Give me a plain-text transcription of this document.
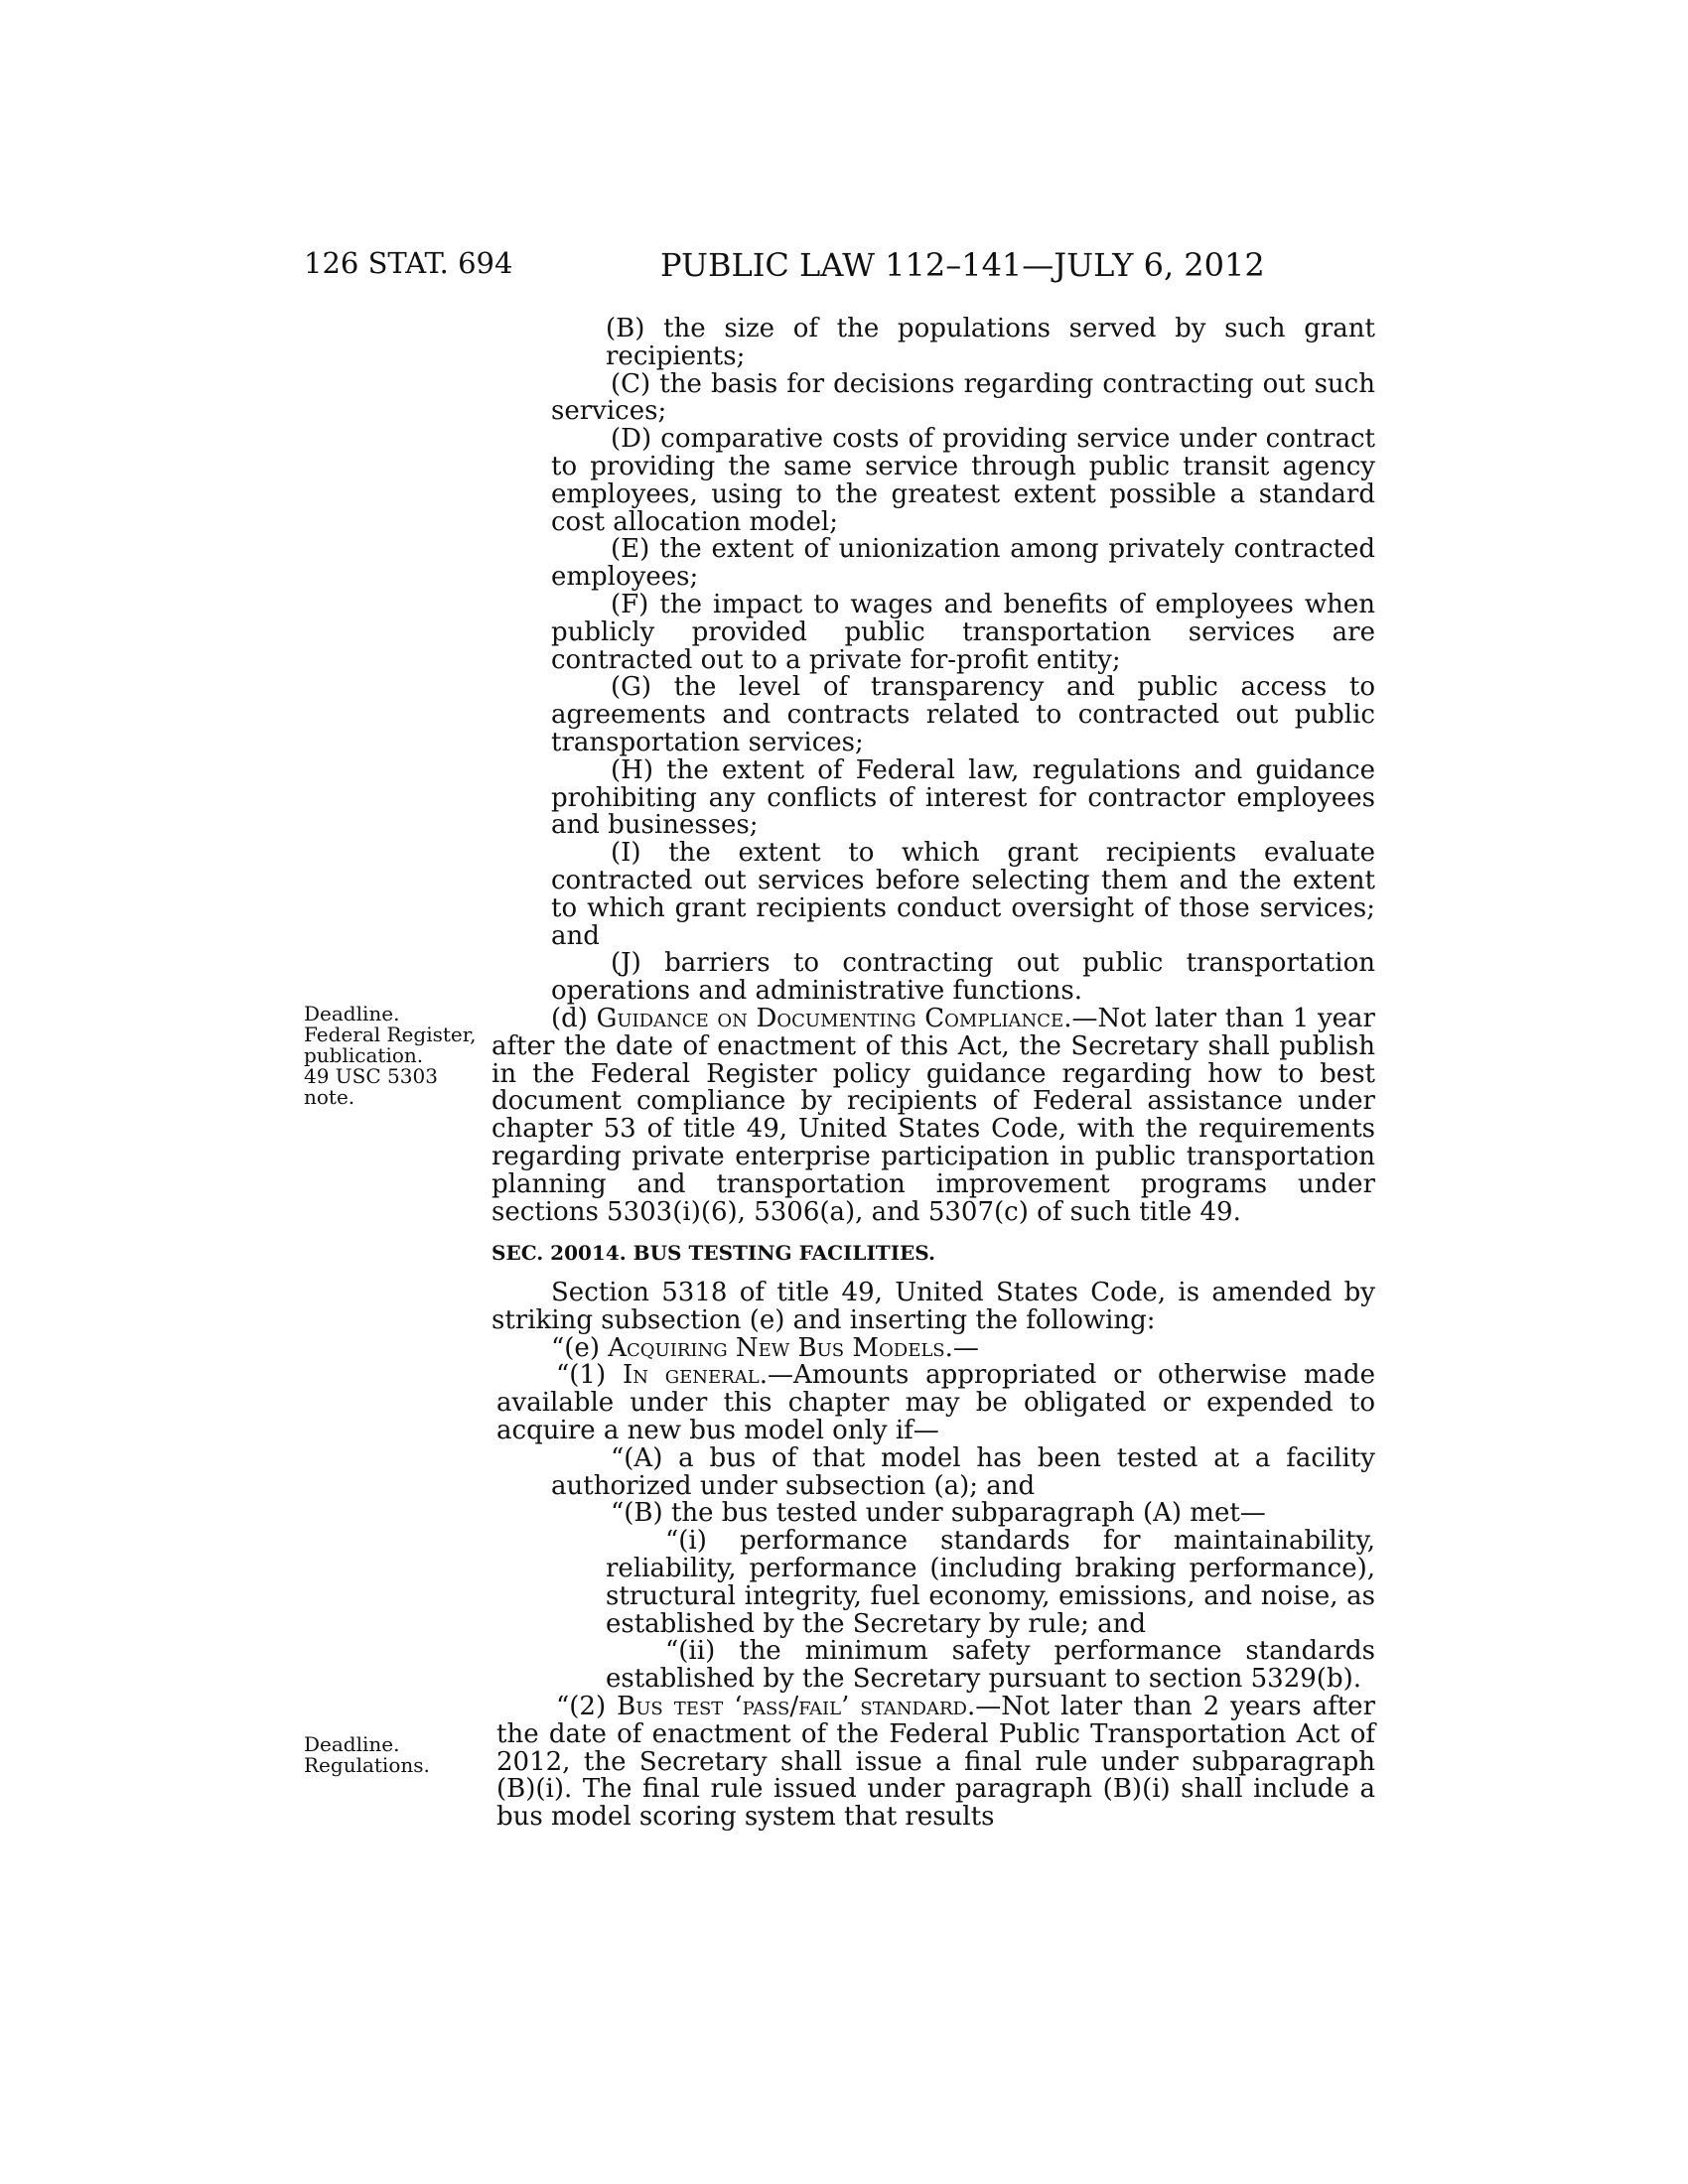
126 STAT. 694	PUBLIC LAW 112–141—JULY 6, 2012
Deadline.
Federal Register,
publication.
49 USC 5303
note.
Deadline.
Regulations.

(B) the size of the populations served by such grant recipients;

(C) the basis for decisions regarding contracting out such services;

(D) comparative costs of providing service under contract to providing the same service through public transit agency employees, using to the greatest extent possible a standard cost allocation model;

(E) the extent of unionization among privately contracted employees;

(F) the impact to wages and benefits of employees when publicly provided public transportation services are contracted out to a private for-profit entity;

(G) the level of transparency and public access to agreements and contracts related to contracted out public transportation services;

(H) the extent of Federal law, regulations and guidance prohibiting any conflicts of interest for contractor employees and businesses;

(I) the extent to which grant recipients evaluate contracted out services before selecting them and the extent to which grant recipients conduct oversight of those services; and

(J) barriers to contracting out public transportation operations and administrative functions.

(d) Guidance on Documenting Compliance.—Not later than 1 year after the date of enactment of this Act, the Secretary shall publish in the Federal Register policy guidance regarding how to best document compliance by recipients of Federal assistance under chapter 53 of title 49, United States Code, with the requirements regarding private enterprise participation in public transportation planning and transportation improvement programs under sections 5303(i)(6), 5306(a), and 5307(c) of such title 49.

SEC. 20014. BUS TESTING FACILITIES.

Section 5318 of title 49, United States Code, is amended by striking subsection (e) and inserting the following:

“(e) Acquiring New Bus Models.—

“(1) In general.—Amounts appropriated or otherwise made available under this chapter may be obligated or expended to acquire a new bus model only if—

“(A) a bus of that model has been tested at a facility authorized under subsection (a); and

“(B) the bus tested under subparagraph (A) met—

“(i) performance standards for maintainability, reliability, performance (including braking performance), structural integrity, fuel economy, emissions, and noise, as established by the Secretary by rule; and

“(ii) the minimum safety performance standards established by the Secretary pursuant to section 5329(b).

“(2) Bus test ‘pass/fail’ standard.—Not later than 2 years after the date of enactment of the Federal Public Transportation Act of 2012, the Secretary shall issue a final rule under subparagraph (B)(i). The final rule issued under paragraph (B)(i) shall include a bus model scoring system that results
